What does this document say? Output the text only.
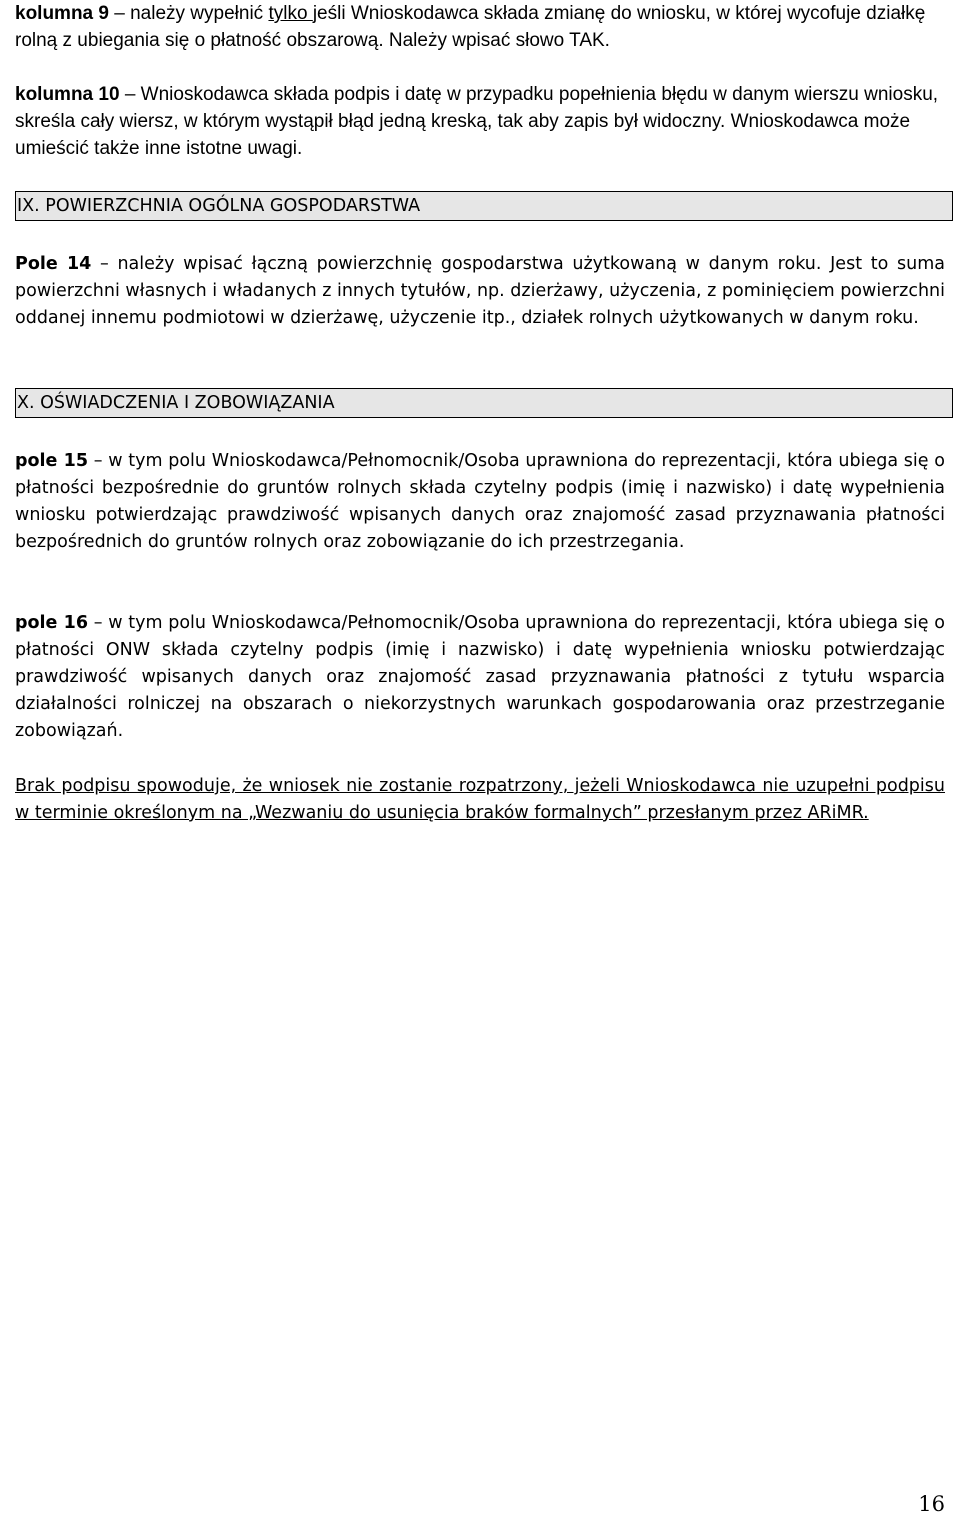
kolumna 9 – należy wypełnić tylko jeśli Wnioskodawca składa zmianę do wniosku, w której wycofuje działkę rolną z ubiegania się o płatność obszarową. Należy wpisać słowo TAK.

kolumna 10 – Wnioskodawca składa podpis i datę w przypadku popełnienia błędu w danym wierszu wniosku, skreśla cały wiersz, w którym wystąpił błąd jedną kreską, tak aby zapis był widoczny. Wnioskodawca może umieścić także inne istotne uwagi.

IX. POWIERZCHNIA OGÓLNA GOSPODARSTWA

Pole 14 – należy wpisać łączną powierzchnię gospodarstwa użytkowaną w danym roku. Jest to suma powierzchni własnych i władanych z innych tytułów, np. dzierżawy, użyczenia, z pominięciem powierzchni oddanej innemu podmiotowi w dzierżawę, użyczenie itp., działek rolnych użytkowanych w danym roku.

X. OŚWIADCZENIA I ZOBOWIĄZANIA

pole 15 – w tym polu Wnioskodawca/Pełnomocnik/Osoba uprawniona do reprezentacji, która ubiega się o płatności bezpośrednie do gruntów rolnych składa czytelny podpis (imię i nazwisko) i datę wypełnienia wniosku potwierdzając prawdziwość wpisanych danych oraz znajomość zasad przyznawania płatności bezpośrednich do gruntów rolnych oraz zobowiązanie do ich przestrzegania.

pole 16 – w tym polu Wnioskodawca/Pełnomocnik/Osoba uprawniona do reprezentacji, która ubiega się o płatności ONW składa czytelny podpis (imię i nazwisko) i datę wypełnienia wniosku potwierdzając prawdziwość wpisanych danych oraz znajomość zasad przyznawania płatności z tytułu wsparcia działalności rolniczej na obszarach o niekorzystnych warunkach gospodarowania oraz przestrzeganie zobowiązań.

Brak podpisu spowoduje, że wniosek nie zostanie rozpatrzony, jeżeli Wnioskodawca nie uzupełni podpisu w terminie określonym na „Wezwaniu do usunięcia braków formalnych” przesłanym przez ARiMR.

16
